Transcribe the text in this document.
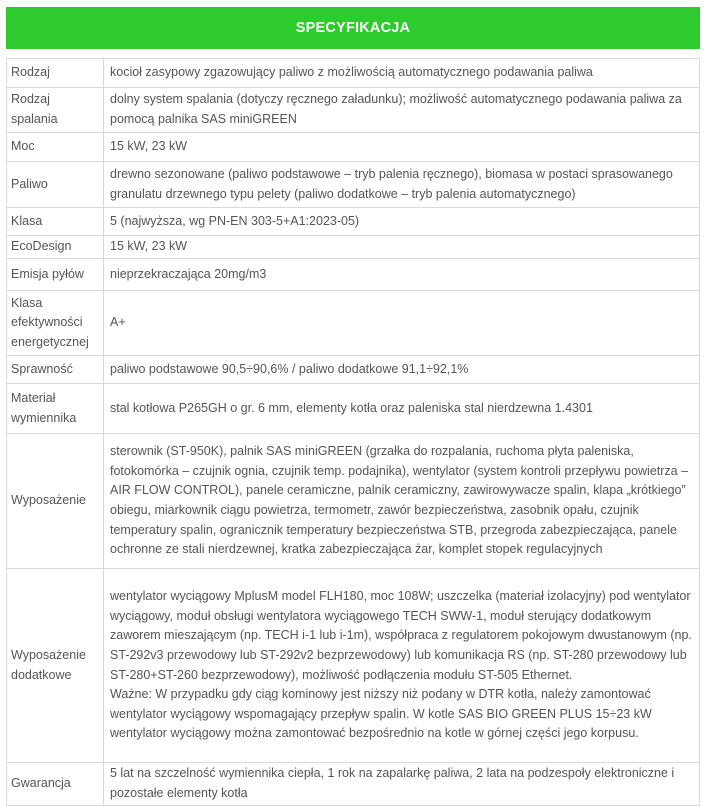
SPECYFIKACJA
Rodzaj	kocioł zasypowy zgazowujący paliwo z możliwością automatycznego podawania paliwa
Rodzaj spalania	dolny system spalania (dotyczy ręcznego załadunku); możliwość automatycznego podawania paliwa za pomocą palnika SAS miniGREEN
Moc	15 kW, 23 kW
Paliwo	drewno sezonowane (paliwo podstawowe – tryb palenia ręcznego), biomasa w postaci sprasowanego granulatu drzewnego typu pelety (paliwo dodatkowe – tryb palenia automatycznego)
Klasa	5 (najwyższa, wg PN-EN 303-5+A1:2023-05)
EcoDesign	15 kW, 23 kW
Emisja pyłów	nieprzekraczająca 20mg/m3
Klasa efektywności energetycznej	A+
Sprawność	paliwo podstawowe 90,5÷90,6% / paliwo dodatkowe 91,1÷92,1%
Materiał wymiennika	stal kotłowa P265GH o gr. 6 mm, elementy kotła oraz paleniska stal nierdzewna 1.4301
Wyposażenie	sterownik (ST-950K), palnik SAS miniGREEN (grzałka do rozpalania, ruchoma płyta paleniska, fotokomórka – czujnik ognia, czujnik temp. podajnika), wentylator (system kontroli przepływu powietrza – AIR FLOW CONTROL), panele ceramiczne, palnik ceramiczny, zawirowywacze spalin, klapa „krótkiego” obiegu, miarkownik ciągu powietrza, termometr, zawór bezpieczeństwa, zasobnik opału, czujnik temperatury spalin, ogranicznik temperatury bezpieczeństwa STB, przegroda zabezpieczająca, panele ochronne ze stali nierdzewnej, kratka zabezpieczająca żar, komplet stopek regulacyjnych
Wyposażenie dodatkowe	wentylator wyciągowy MplusM model FLH180, moc 108W; uszczelka (materiał izolacyjny) pod wentylator wyciągowy, moduł obsługi wentylatora wyciągowego TECH SWW-1, moduł sterujący dodatkowym zaworem mieszającym (np. TECH i-1 lub i-1m), współpraca z regulatorem pokojowym dwustanowym (np. ST-292v3 przewodowy lub ST-292v2 bezprzewodowy) lub komunikacja RS (np. ST-280 przewodowy lub ST-280+ST-260 bezprzewodowy), możliwość podłączenia modułu ST-505 Ethernet.
Ważne: W przypadku gdy ciąg kominowy jest niższy niż podany w DTR kotła, należy zamontować wentylator wyciągowy wspomagający przepływ spalin. W kotle SAS BIO GREEN PLUS 15÷23 kW wentylator wyciągowy można zamontować bezpośrednio na kotle w górnej części jego korpusu.

Gwarancja	5 lat na szczelność wymiennika ciepła, 1 rok na zapalarkę paliwa, 2 lata na podzespoły elektroniczne i pozostałe elementy kotła
